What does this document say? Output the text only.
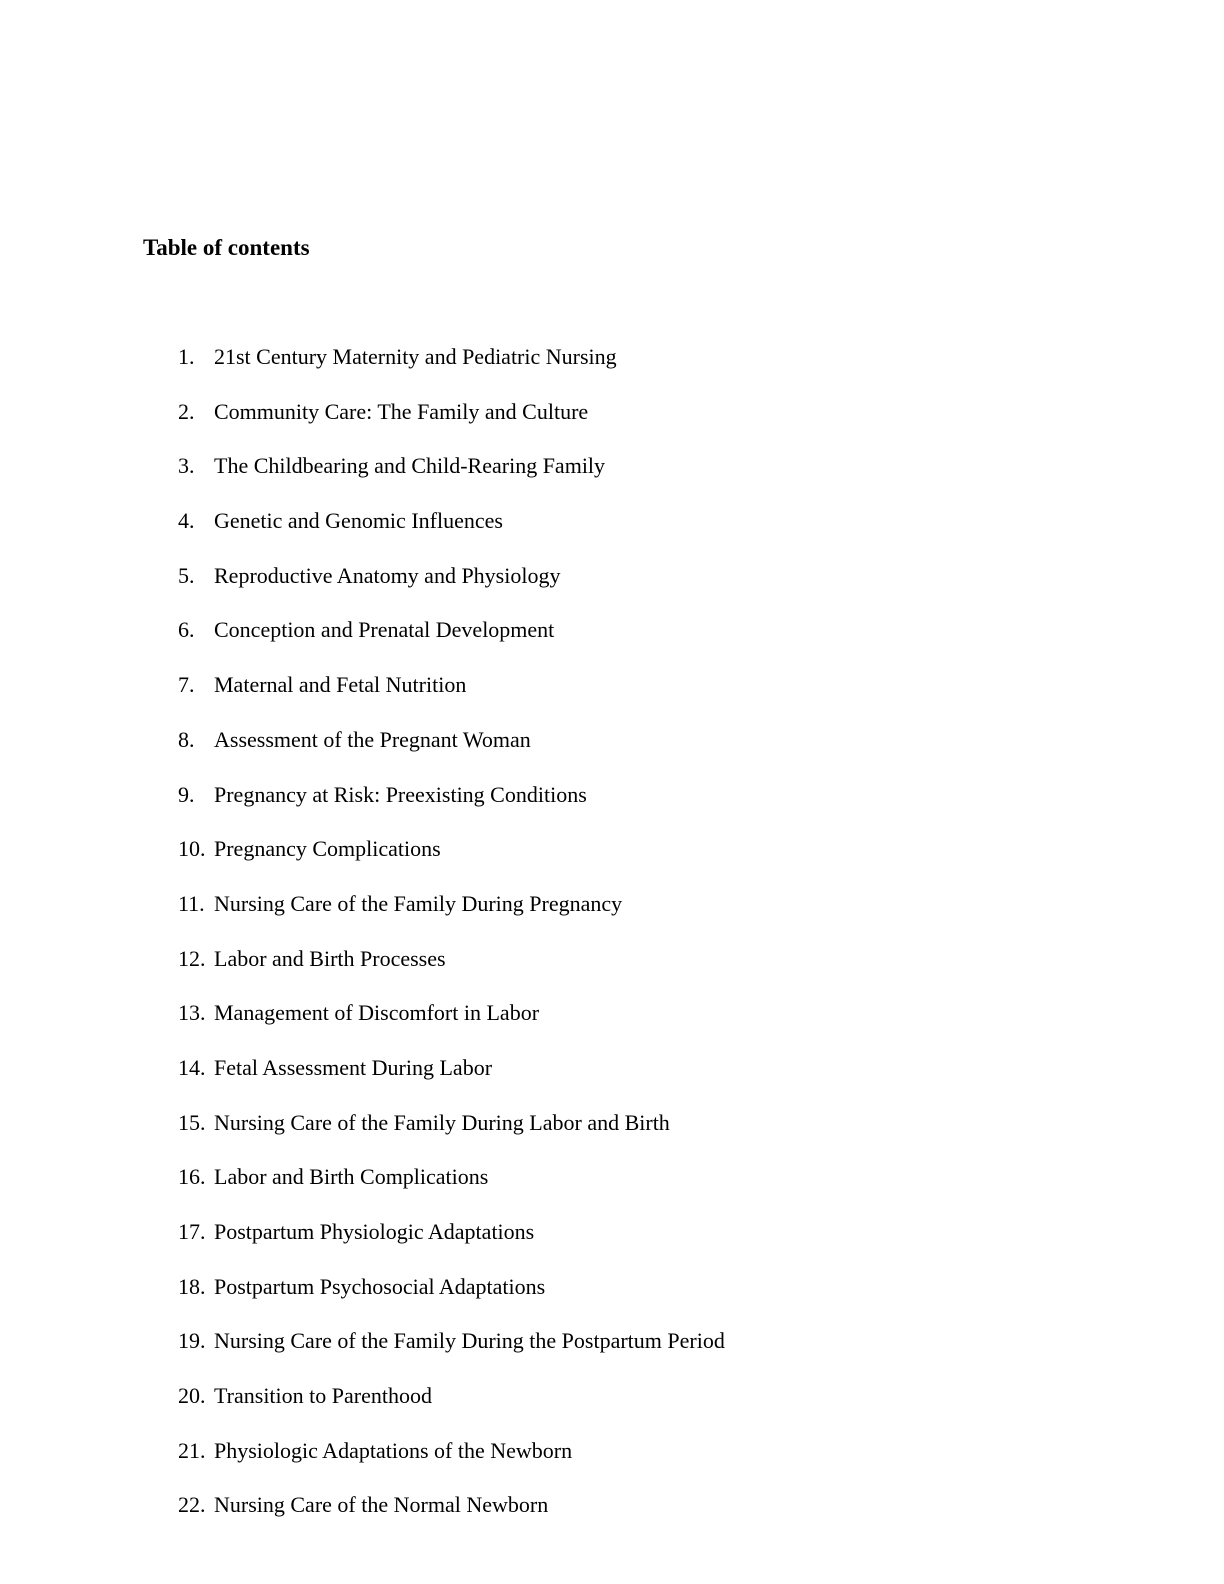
Table of contents
1. 21st Century Maternity and Pediatric Nursing
2. Community Care: The Family and Culture
3. The Childbearing and Child-Rearing Family
4. Genetic and Genomic Influences
5. Reproductive Anatomy and Physiology
6. Conception and Prenatal Development
7. Maternal and Fetal Nutrition
8. Assessment of the Pregnant Woman
9. Pregnancy at Risk: Preexisting Conditions
10. Pregnancy Complications
11. Nursing Care of the Family During Pregnancy
12. Labor and Birth Processes
13. Management of Discomfort in Labor
14. Fetal Assessment During Labor
15. Nursing Care of the Family During Labor and Birth
16. Labor and Birth Complications
17. Postpartum Physiologic Adaptations
18. Postpartum Psychosocial Adaptations
19. Nursing Care of the Family During the Postpartum Period
20. Transition to Parenthood
21. Physiologic Adaptations of the Newborn
22. Nursing Care of the Normal Newborn
